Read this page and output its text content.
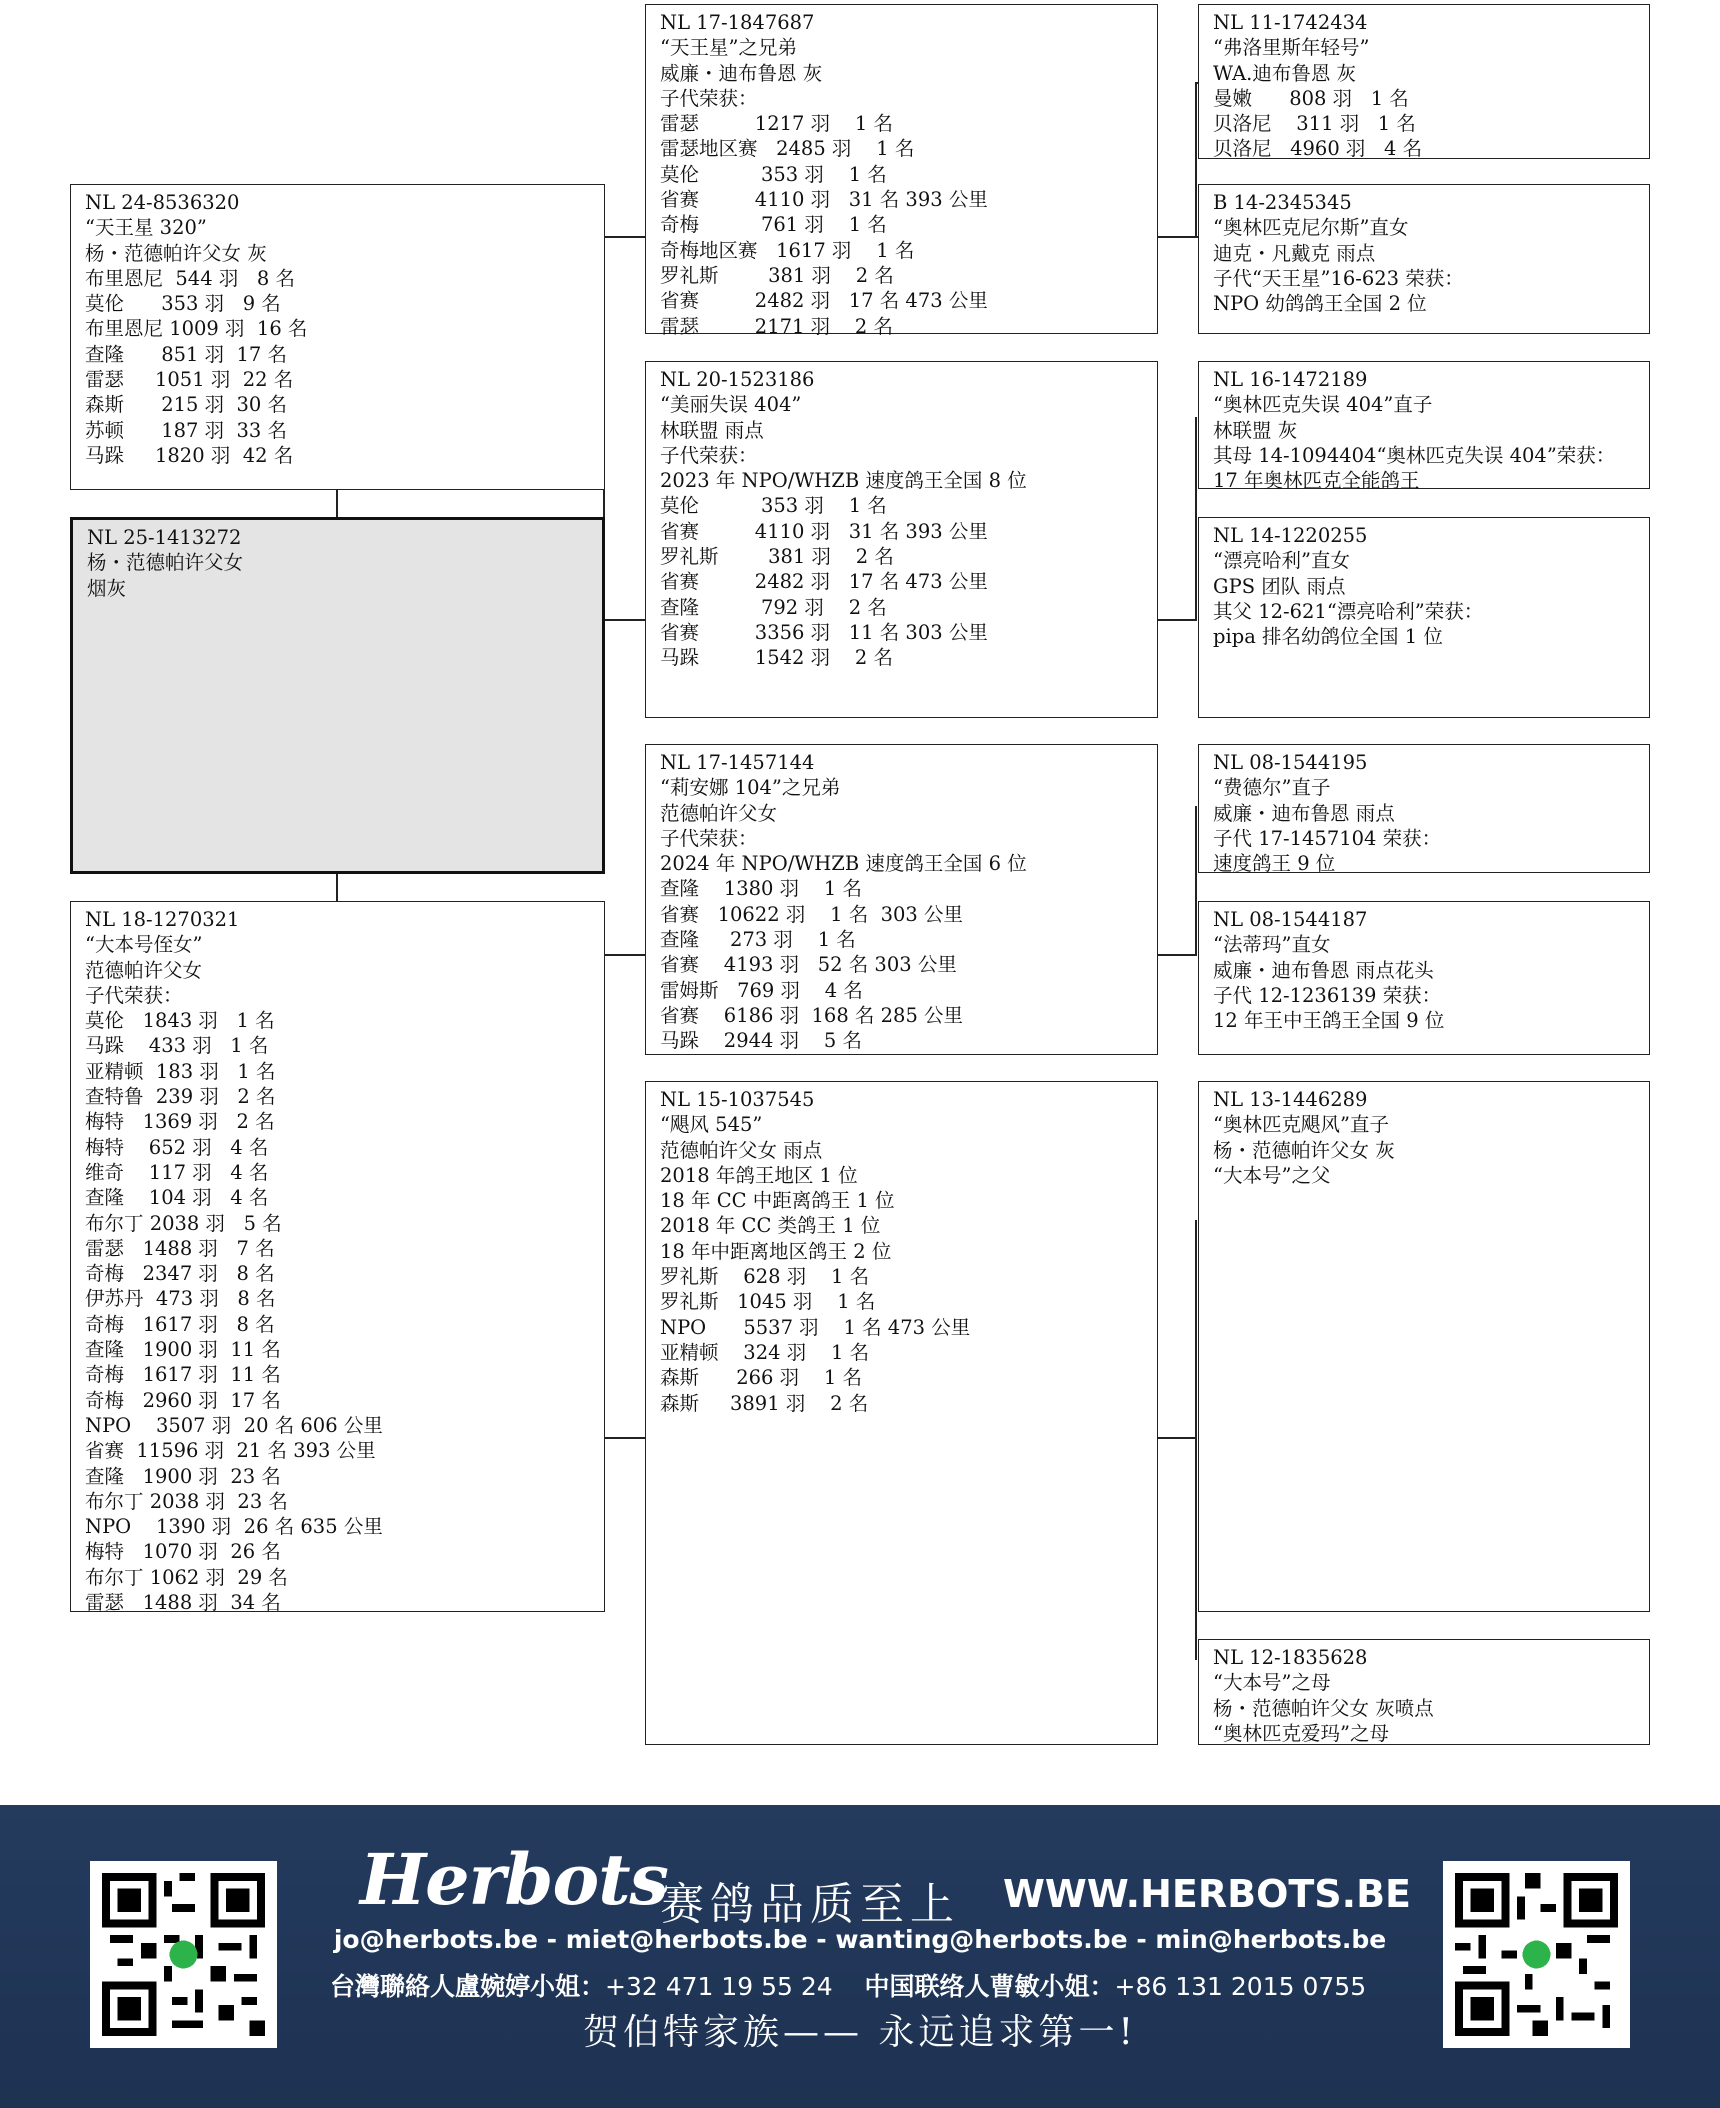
NL 24-8536320
“天王星 320”
杨・范德帕许父女 灰
布里恩尼  544 羽   8 名
莫伦      353 羽   9 名
布里恩尼 1009 羽  16 名
查隆      851 羽  17 名
雷瑟     1051 羽  22 名
森斯      215 羽  30 名
苏顿      187 羽  33 名
马跺     1820 羽  42 名
NL 25-1413272
杨・范德帕许父女
烟灰
NL 18-1270321
“大本号侄女”
范德帕许父女
子代荣获：
莫伦   1843 羽   1 名
马跺    433 羽   1 名
亚精顿  183 羽   1 名
查特鲁  239 羽   2 名
梅特   1369 羽   2 名
梅特    652 羽   4 名
维奇    117 羽   4 名
查隆    104 羽   4 名
布尔丁 2038 羽   5 名
雷瑟   1488 羽   7 名
奇梅   2347 羽   8 名
伊苏丹  473 羽   8 名
奇梅   1617 羽   8 名
查隆   1900 羽  11 名
奇梅   1617 羽  11 名
奇梅   2960 羽  17 名
NPO    3507 羽  20 名 606 公里
省赛  11596 羽  21 名 393 公里
查隆   1900 羽  23 名
布尔丁 2038 羽  23 名
NPO    1390 羽  26 名 635 公里
梅特   1070 羽  26 名
布尔丁 1062 羽  29 名
雷瑟   1488 羽  34 名
NL 17-1847687
“天王星”之兄弟
威廉・迪布鲁恩 灰
子代荣获：
雷瑟         1217 羽    1 名
雷瑟地区赛   2485 羽    1 名
莫伦          353 羽    1 名
省赛         4110 羽   31 名 393 公里
奇梅          761 羽    1 名
奇梅地区赛   1617 羽    1 名
罗礼斯        381 羽    2 名
省赛         2482 羽   17 名 473 公里
雷瑟         2171 羽    2 名
NL 20-1523186
“美丽失误 404”
林联盟 雨点
子代荣获：
2023 年 NPO/WHZB 速度鸽王全国 8 位
莫伦          353 羽    1 名
省赛         4110 羽   31 名 393 公里
罗礼斯        381 羽    2 名
省赛         2482 羽   17 名 473 公里
查隆          792 羽    2 名
省赛         3356 羽   11 名 303 公里
马跺         1542 羽    2 名
NL 17-1457144
“莉安娜 104”之兄弟
范德帕许父女
子代荣获：
2024 年 NPO/WHZB 速度鸽王全国 6 位
查隆    1380 羽    1 名
省赛   10622 羽    1 名  303 公里
查隆     273 羽    1 名
省赛    4193 羽   52 名 303 公里
雷姆斯   769 羽    4 名
省赛    6186 羽  168 名 285 公里
马跺    2944 羽    5 名
NL 15-1037545
“飓风 545”
范德帕许父女 雨点
2018 年鸽王地区 1 位
18 年 CC 中距离鸽王 1 位
2018 年 CC 类鸽王 1 位
18 年中距离地区鸽王 2 位
罗礼斯    628 羽    1 名
罗礼斯   1045 羽    1 名
NPO      5537 羽    1 名 473 公里
亚精顿    324 羽    1 名
森斯      266 羽    1 名
森斯     3891 羽    2 名
NL 11-1742434
“弗洛里斯年轻号”
WA.迪布鲁恩 灰
曼嫩      808 羽   1 名
贝洛尼    311 羽   1 名
贝洛尼   4960 羽   4 名
B 14-2345345
“奥林匹克尼尔斯”直女
迪克・凡戴克 雨点
子代“天王星”16-623 荣获：
NPO 幼鸽鸽王全国 2 位
NL 16-1472189
“奥林匹克失误 404”直子
林联盟 灰
其母 14-1094404“奥林匹克失误 404”荣获：
17 年奥林匹克全能鸽王
NL 14-1220255
“漂亮哈利”直女
GPS 团队 雨点
其父 12-621“漂亮哈利”荣获：
pipa 排名幼鸽位全国 1 位
NL 08-1544195
“费德尔”直子
威廉・迪布鲁恩 雨点
子代 17-1457104 荣获：
速度鸽王 9 位
NL 08-1544187
“法蒂玛”直女
威廉・迪布鲁恩 雨点花头
子代 12-1236139 荣获：
12 年王中王鸽王全国 9 位
NL 13-1446289
“奥林匹克飓风”直子
杨・范德帕许父女 灰
“大本号”之父
NL 12-1835628
“大本号”之母
杨・范德帕许父女 灰喷点
“奥林匹克爱玛”之母
Herbots
赛鸽品质至上 WWW.HERBOTS.BE
jo@herbots.be - miet@herbots.be - wanting@herbots.be - min@herbots.be
台灣聯絡人盧婉婷小姐：+32 471 19 55 24 中国联络人曹敏小姐：+86 131 2015 0755
贺伯特家族—— 永远追求第一!
